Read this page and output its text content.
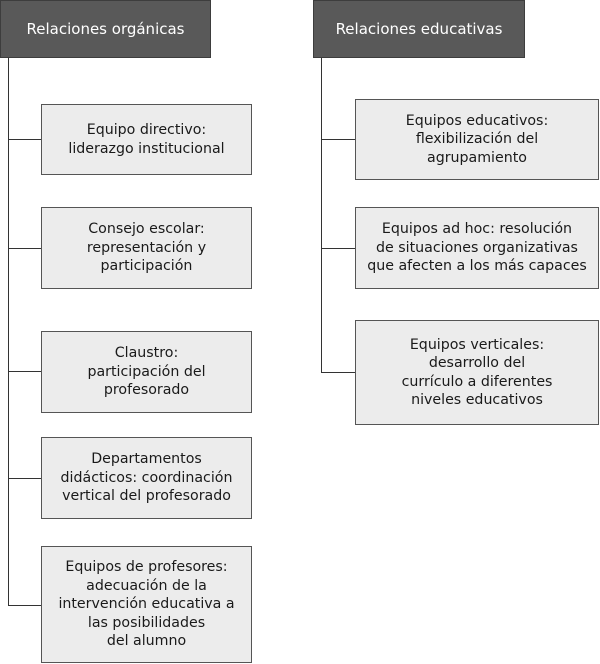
Relaciones orgánicas	Relaciones educativas
Equipo directivo:
liderazgo institucional
Consejo escolar:
representación y
participación
Claustro:
participación del
profesorado
Departamentos
didácticos: coordinación
vertical del profesorado
Equipos de profesores:
adecuación de la
intervención educativa a
las posibilidades
del alumno
Equipos educativos:
flexibilización del
agrupamiento
Equipos ad hoc: resolución
de situaciones organizativas
que afecten a los más capaces
Equipos verticales:
desarrollo del
currículo a diferentes
niveles educativos
